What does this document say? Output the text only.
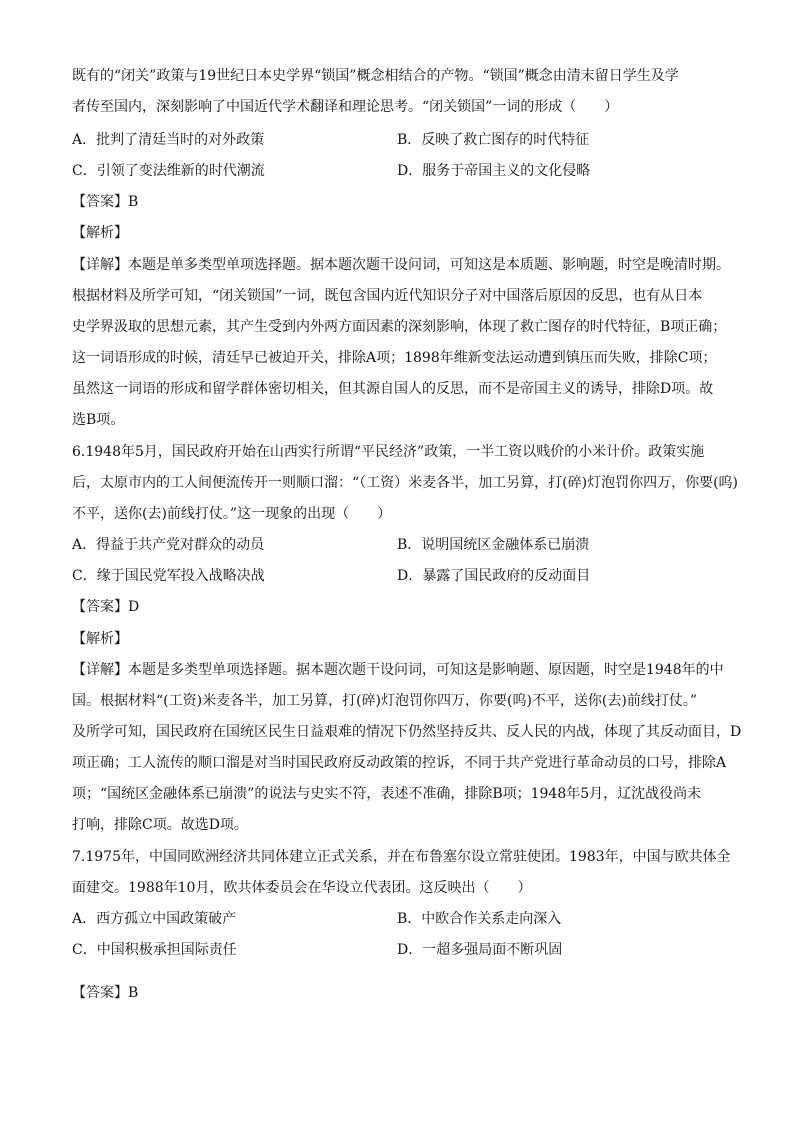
既有的“闭关”政策与19世纪日本史学界“锁国”概念相结合的产物。“锁国”概念由清末留日学生及学
者传至国内，深刻影响了中国近代学术翻译和理论思考。“闭关锁国”一词的形成（　　）
A．批判了清廷当时的对外政策	B．反映了救亡图存的时代特征
C．引领了变法维新的时代潮流	D．服务于帝国主义的文化侵略
【答案】B
【解析】
【详解】本题是单多类型单项选择题。据本题次题干设问词，可知这是本质题、影响题，时空是晚清时期。
根据材料及所学可知，“闭关锁国”一词，既包含国内近代知识分子对中国落后原因的反思，也有从日本
史学界汲取的思想元素，其产生受到内外两方面因素的深刻影响，体现了救亡图存的时代特征，B项正确；
这一词语形成的时候，清廷早已被迫开关，排除A项；1898年维新变法运动遭到镇压而失败，排除C项；
虽然这一词语的形成和留学群体密切相关，但其源自国人的反思，而不是帝国主义的诱导，排除D项。故
选B项。
6.1948年5月，国民政府开始在山西实行所谓“平民经济”政策，一半工资以贱价的小米计价。政策实施
后，太原市内的工人间便流传开一则顺口溜：“（工资）米麦各半，加工另算，打(碎)灯泡罚你四万，你要(呜)
不平，送你(去)前线打仗。”这一现象的出现（　　）
A．得益于共产党对群众的动员	B．说明国统区金融体系已崩溃
C．缘于国民党军投入战略决战	D．暴露了国民政府的反动面目
【答案】D
【解析】
【详解】本题是多类型单项选择题。据本题次题干设问词，可知这是影响题、原因题，时空是1948年的中
国。根据材料“(工资)米麦各半，加工另算，打(碎)灯泡罚你四万，你要(呜)不平，送你(去)前线打仗。”
及所学可知，国民政府在国统区民生日益艰难的情况下仍然坚持反共、反人民的内战，体现了其反动面目，D
项正确；工人流传的顺口溜是对当时国民政府反动政策的控诉，不同于共产党进行革命动员的口号，排除A
项；“国统区金融体系已崩溃”的说法与史实不符，表述不准确，排除B项；1948年5月，辽沈战役尚未
打响，排除C项。故选D项。
7.1975年，中国同欧洲经济共同体建立正式关系，并在布鲁塞尔设立常驻使团。1983年，中国与欧共体全
面建交。1988年10月，欧共体委员会在华设立代表团。这反映出（　　）
A．西方孤立中国政策破产	B．中欧合作关系走向深入
C．中国积极承担国际责任	D．一超多强局面不断巩固
【答案】B
